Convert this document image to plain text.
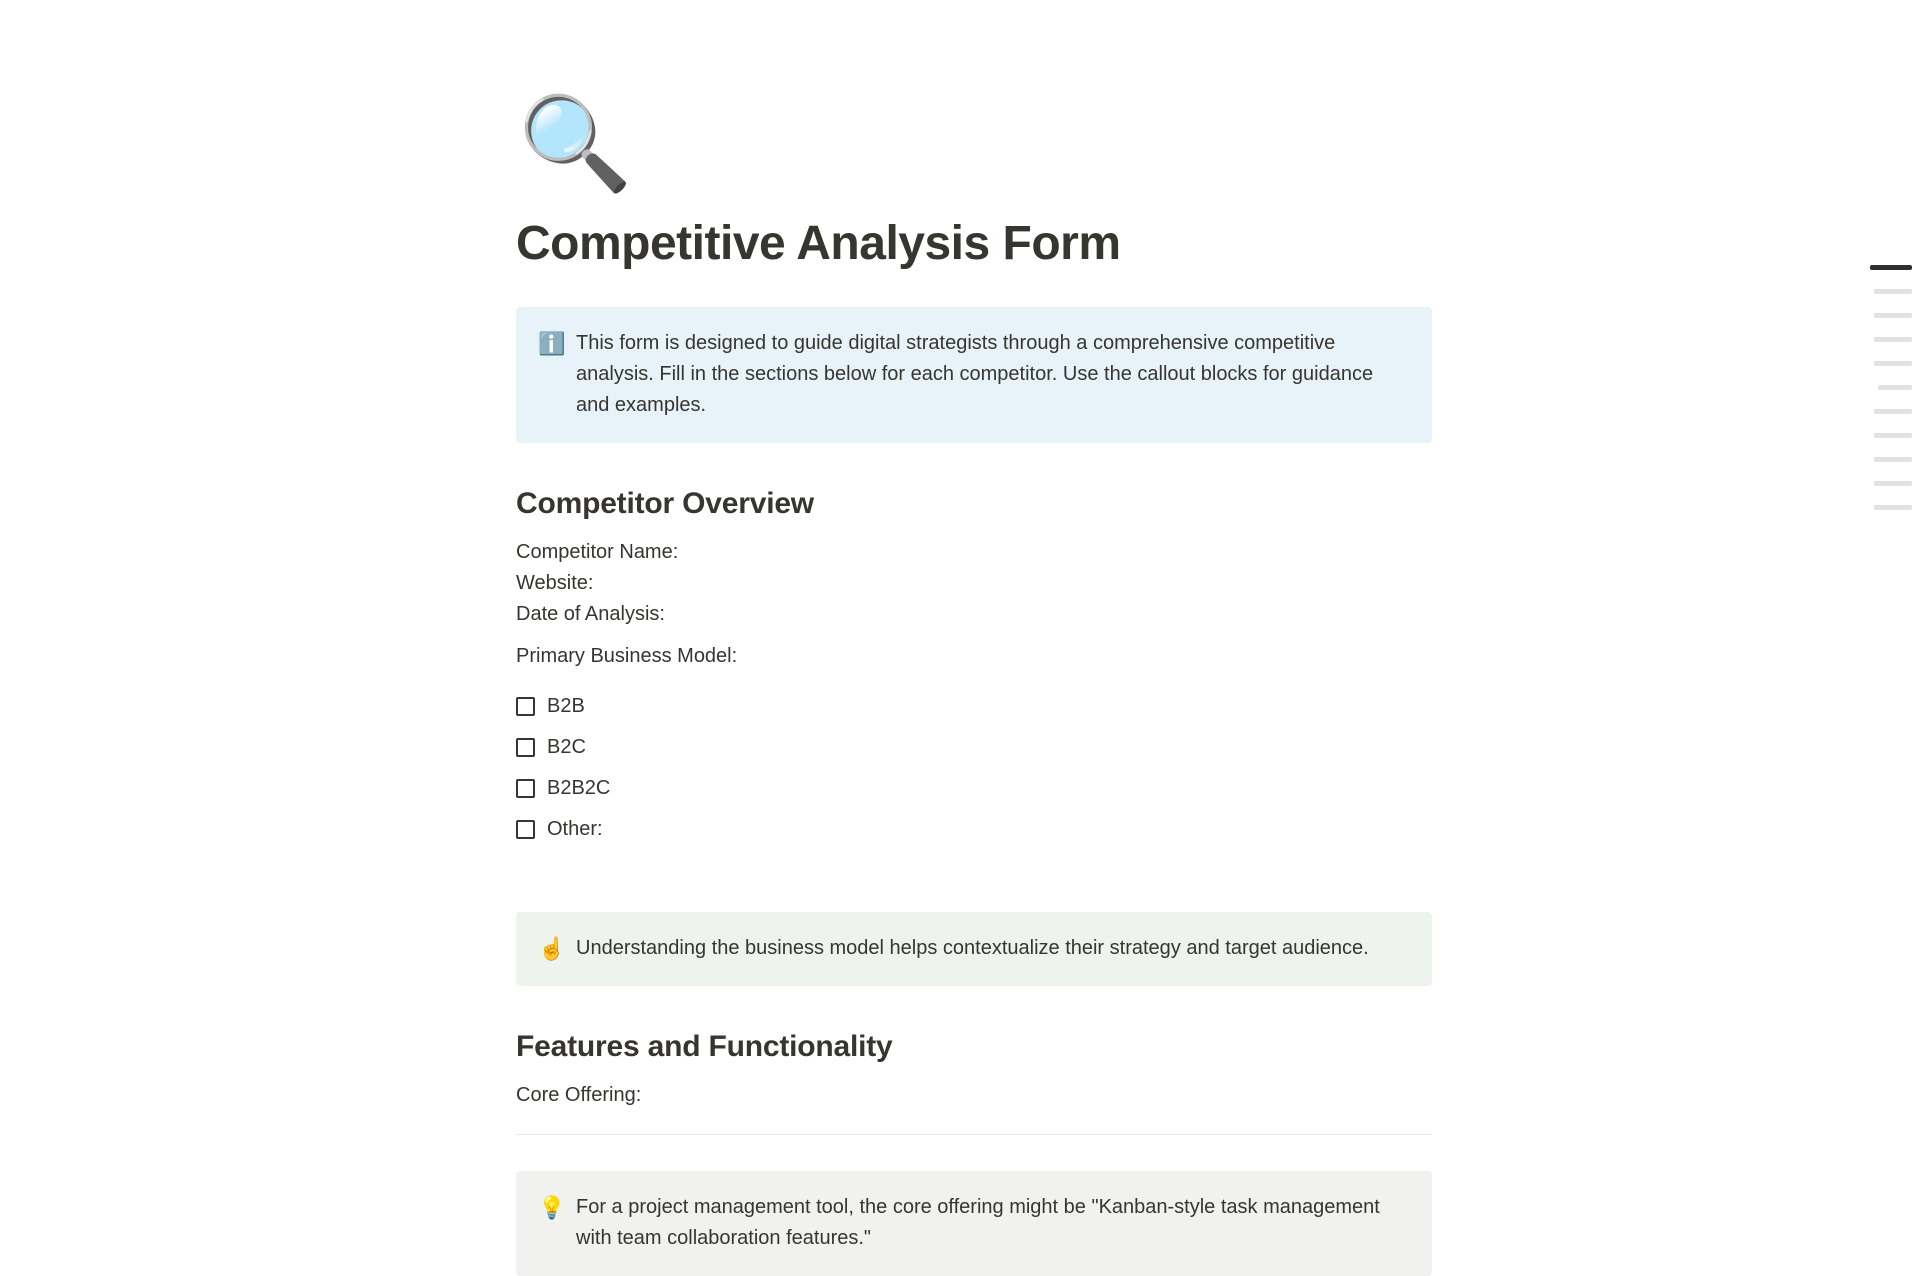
🔍
Competitive Analysis Form
ℹ️ This form is designed to guide digital strategists through a comprehensive competitive analysis. Fill in the sections below for each competitor. Use the callout blocks for guidance and examples.
Competitor Overview

Competitor Name:

Website:

Date of Analysis:

Primary Business Model:

B2B
B2C
B2B2C
Other:
☝️ Understanding the business model helps contextualize their strategy and target audience.
Features and Functionality

Core Offering:

💡 For a project management tool, the core offering might be "Kanban-style task management with team collaboration features."
